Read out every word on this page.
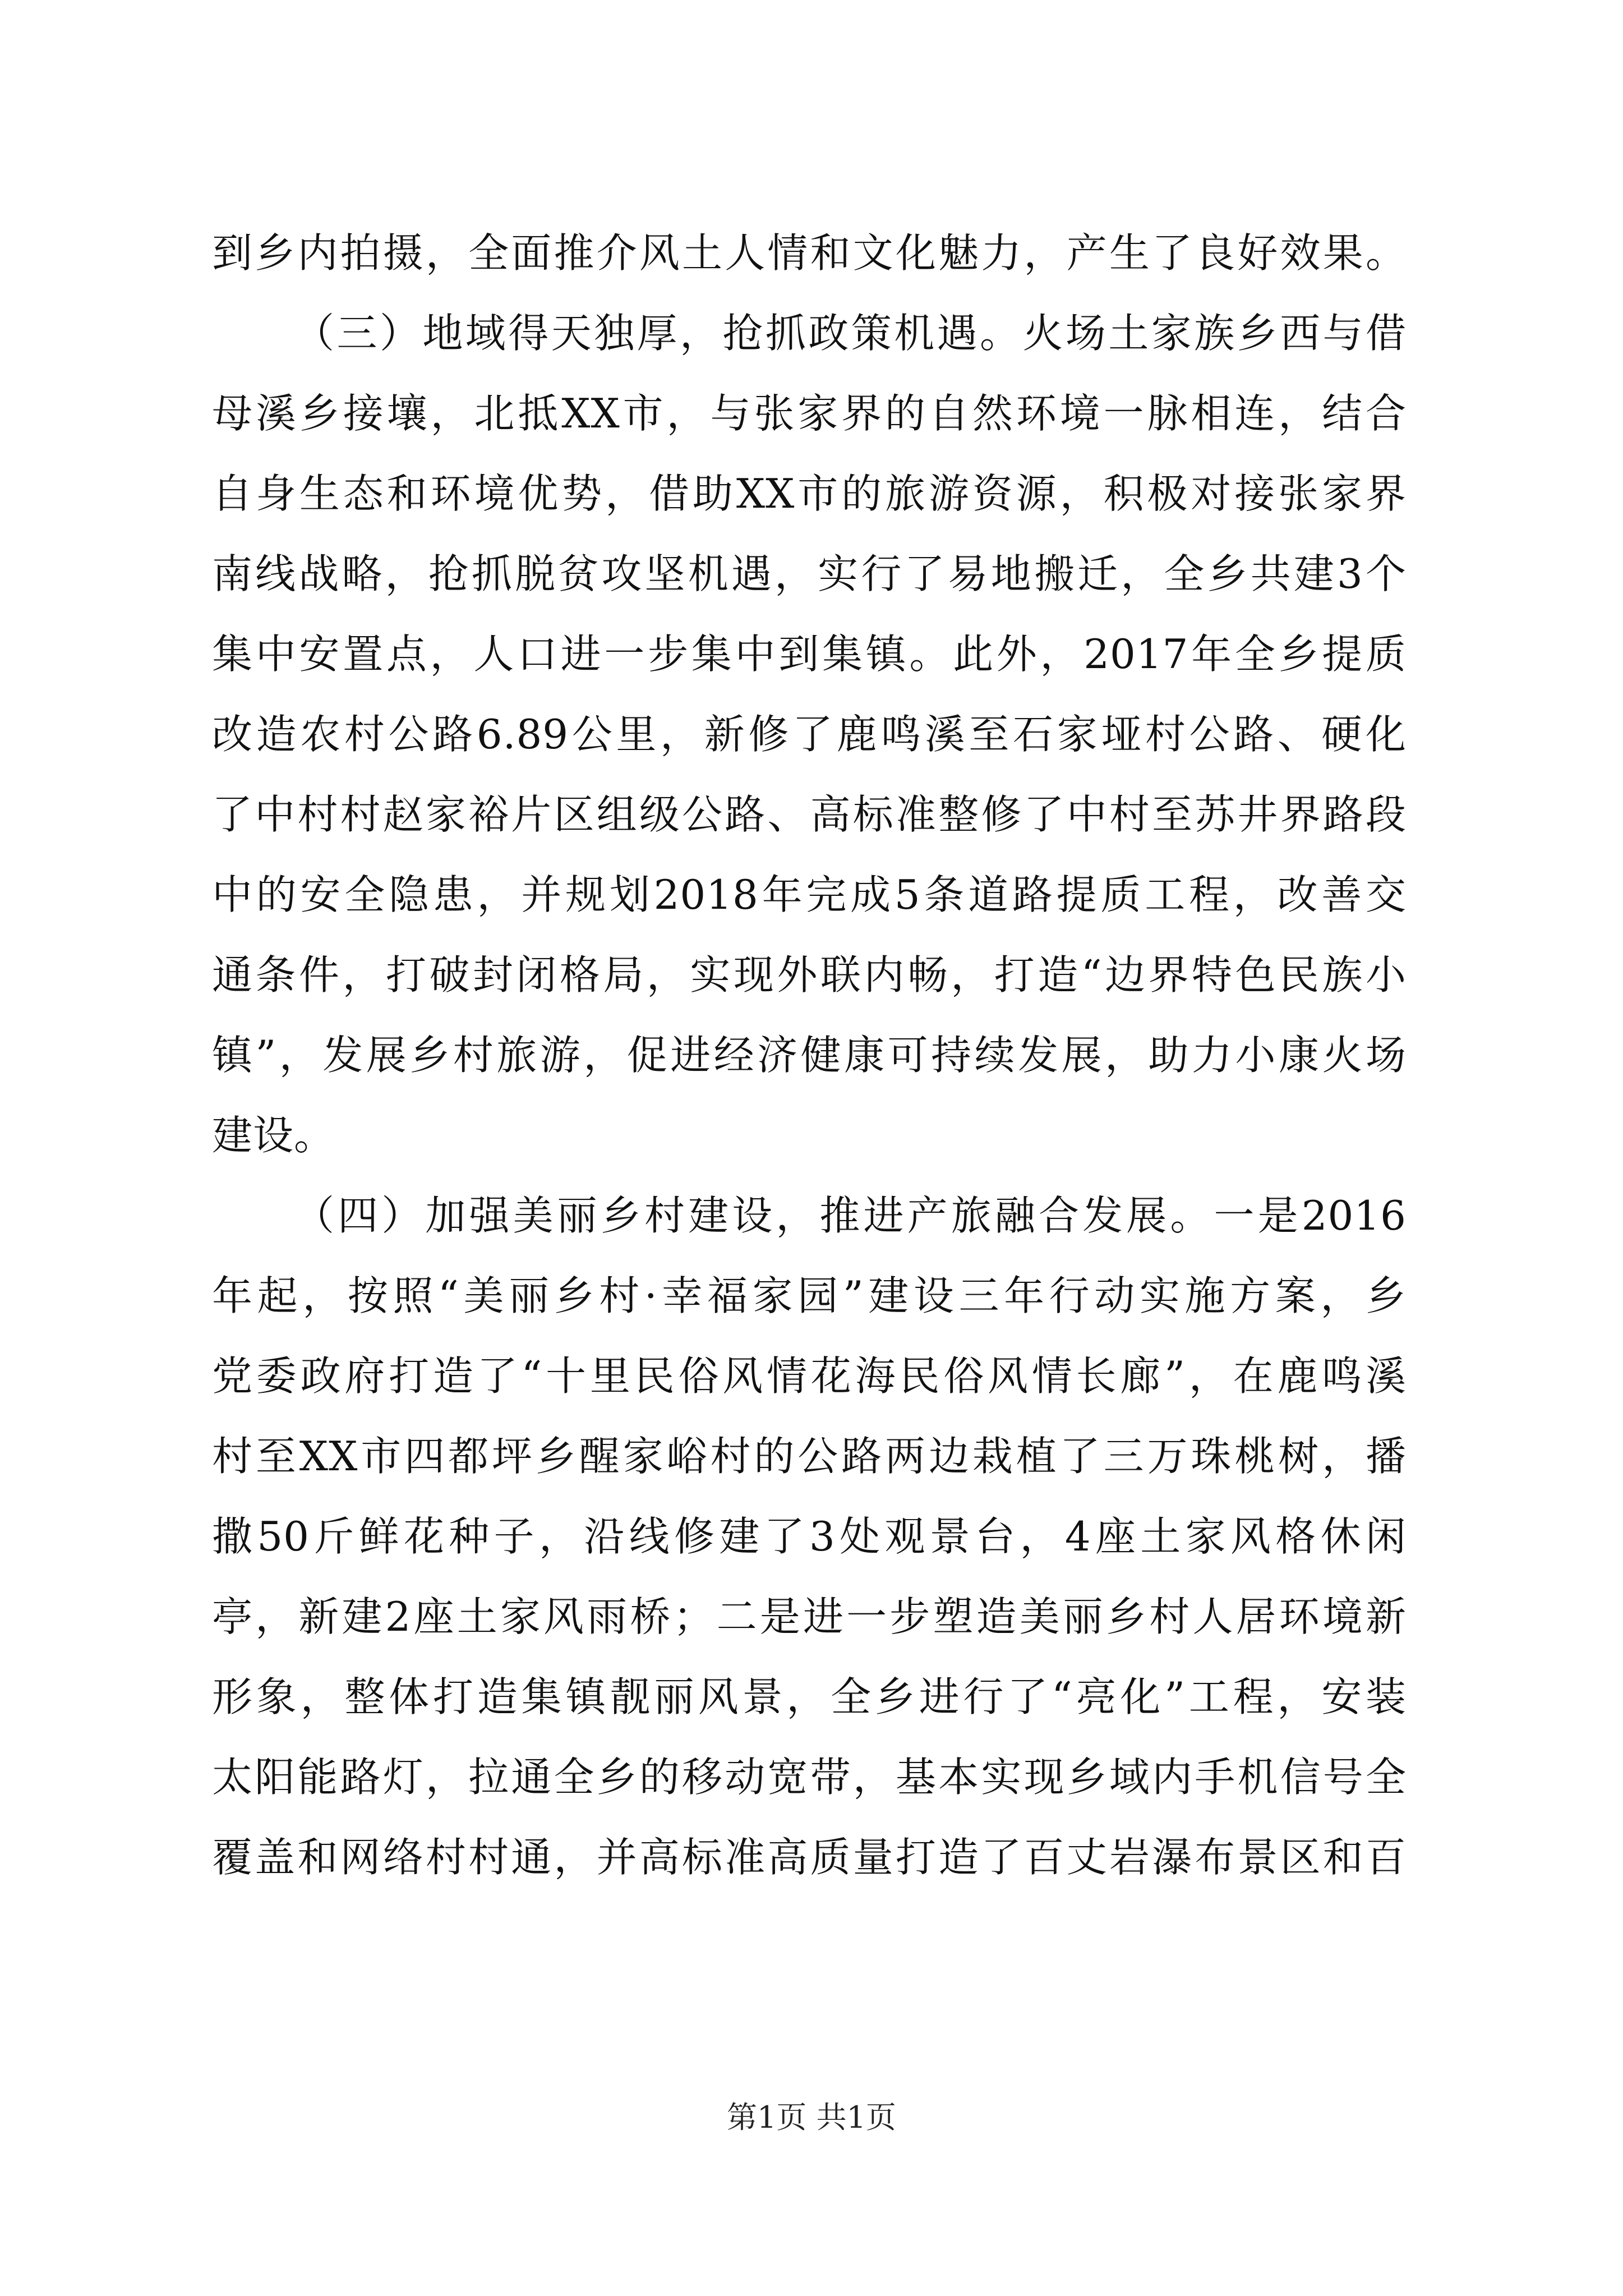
到乡内拍摄，全面推介风土人情和文化魅力，产生了良好效果。
（三）地域得天独厚，抢抓政策机遇。火场土家族乡西与借
母溪乡接壤，北抵XX市，与张家界的自然环境一脉相连，结合
自身生态和环境优势，借助XX市的旅游资源，积极对接张家界
南线战略，抢抓脱贫攻坚机遇，实行了易地搬迁，全乡共建3个
集中安置点，人口进一步集中到集镇。此外，2017年全乡提质
改造农村公路6.89公里，新修了鹿鸣溪至石家垭村公路、硬化
了中村村赵家裕片区组级公路、高标准整修了中村至苏井界路段
中的安全隐患，并规划2018年完成5条道路提质工程，改善交
通条件，打破封闭格局，实现外联内畅，打造“边界特色民族小
镇”，发展乡村旅游，促进经济健康可持续发展，助力小康火场
建设。
（四）加强美丽乡村建设，推进产旅融合发展。一是2016
年起，按照“美丽乡村·幸福家园”建设三年行动实施方案，乡
党委政府打造了“十里民俗风情花海民俗风情长廊”，在鹿鸣溪
村至XX市四都坪乡醒家峪村的公路两边栽植了三万珠桃树，播
撒50斤鲜花种子，沿线修建了3处观景台，4座土家风格休闲
亭，新建2座土家风雨桥；二是进一步塑造美丽乡村人居环境新
形象，整体打造集镇靓丽风景，全乡进行了“亮化”工程，安装
太阳能路灯，拉通全乡的移动宽带，基本实现乡域内手机信号全
覆盖和网络村村通，并高标准高质量打造了百丈岩瀑布景区和百
第1页 共1页
